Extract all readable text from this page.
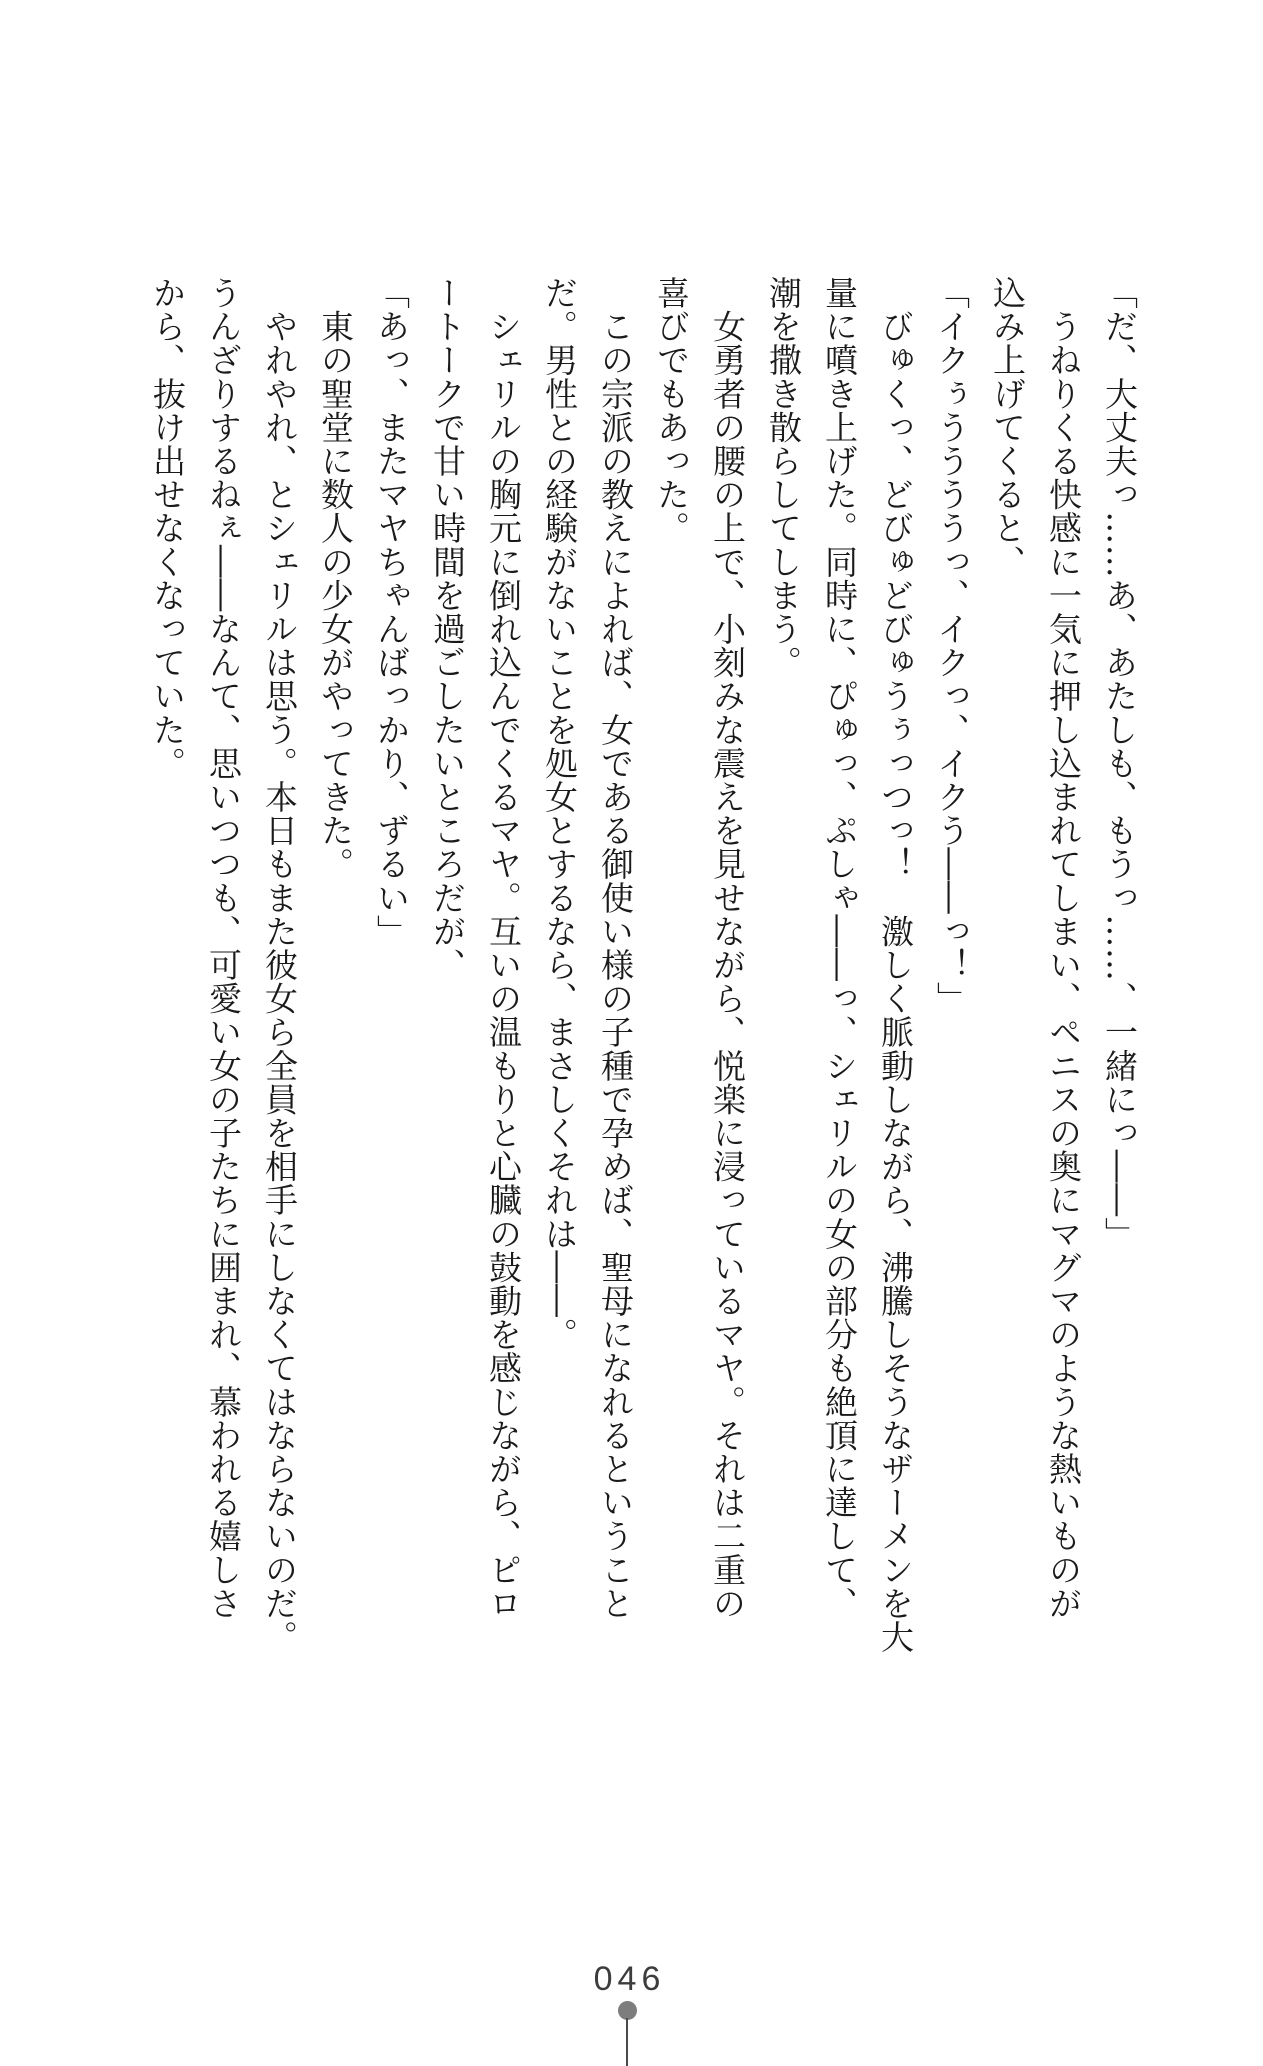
「だ、大丈夫っ……あ、あたしも、もうっ……、一緒にっ――」

　うねりくる快感に一気に押し込まれてしまい、ペニスの奥にマグマのような熱いものが

込み上げてくると、

「イクぅううううっ、イクっ、イクう――っ！」

　びゅくっ、どびゅどびゅうぅっつっ！　激しく脈動しながら、沸騰しそうなザーメンを大

量に噴き上げた。同時に、ぴゅっ、ぷしゃ――っ、シェリルの女の部分も絶頂に達して、

潮を撒き散らしてしまう。

　女勇者の腰の上で、小刻みな震えを見せながら、悦楽に浸っているマヤ。それは二重の

喜びでもあった。

　この宗派の教えによれば、女である御使い様の子種で孕めば、聖母になれるということ

だ。男性との経験がないことを処女とするなら、まさしくそれは――。

　シェリルの胸元に倒れ込んでくるマヤ。互いの温もりと心臓の鼓動を感じながら、ピロ

ートークで甘い時間を過ごしたいところだが、

「あっ、またマヤちゃんばっかり、ずるい」

　東の聖堂に数人の少女がやってきた。

　やれやれ、とシェリルは思う。本日もまた彼女ら全員を相手にしなくてはならないのだ。

うんざりするねぇ――なんて、思いつつも、可愛い女の子たちに囲まれ、慕われる嬉しさ

から、抜け出せなくなっていた。

046
